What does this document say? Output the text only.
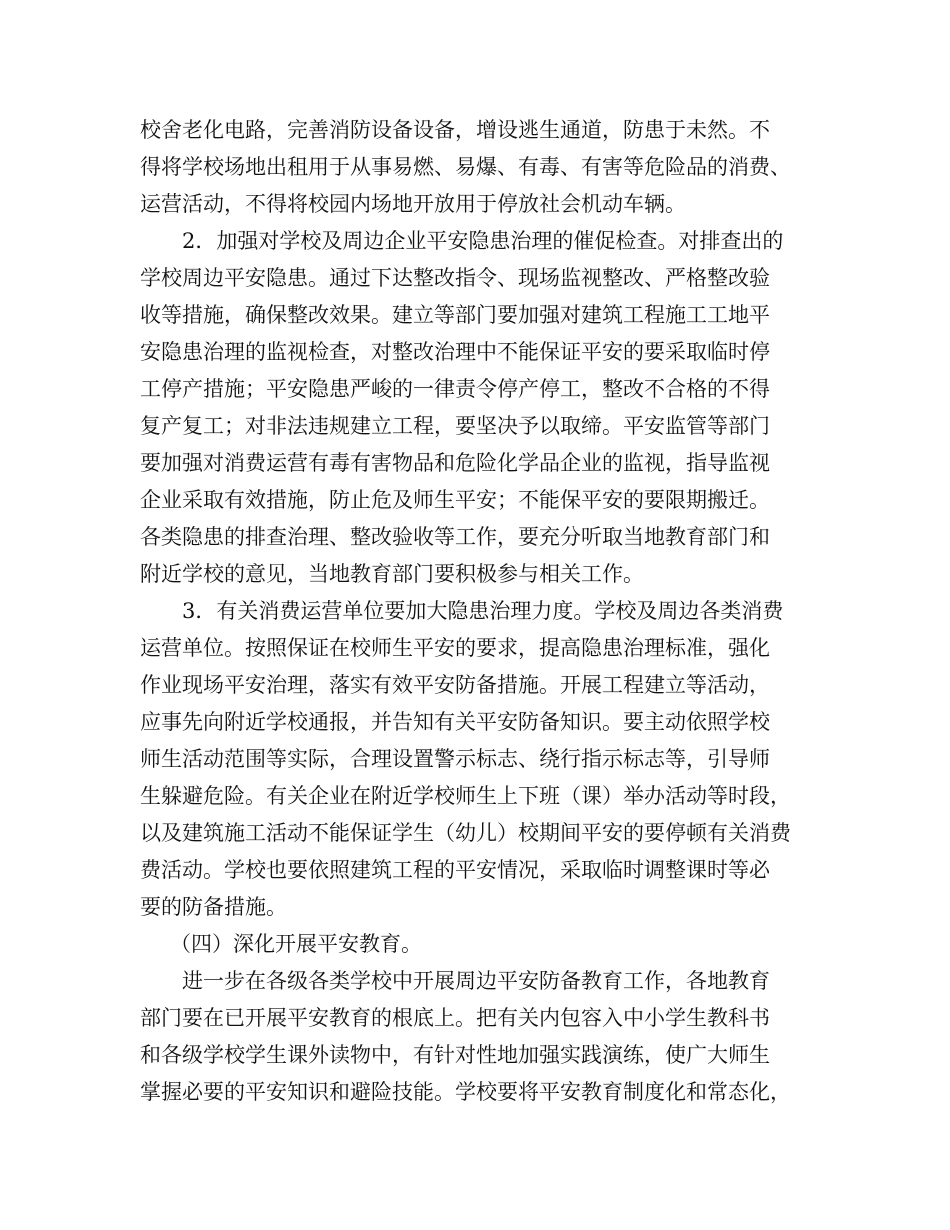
校舍老化电路，完善消防设备设备，增设逃生通道，防患于未然。不
得将学校场地出租用于从事易燃、易爆、有毒、有害等危险品的消费、
运营活动，不得将校园内场地开放用于停放社会机动车辆。
2．加强对学校及周边企业平安隐患治理的催促检查。对排查出的
学校周边平安隐患。通过下达整改指令、现场监视整改、严格整改验
收等措施，确保整改效果。建立等部门要加强对建筑工程施工工地平
安隐患治理的监视检查，对整改治理中不能保证平安的要采取临时停
工停产措施；平安隐患严峻的一律责令停产停工，整改不合格的不得
复产复工；对非法违规建立工程，要坚决予以取缔。平安监管等部门
要加强对消费运营有毒有害物品和危险化学品企业的监视，指导监视
企业采取有效措施，防止危及师生平安；不能保平安的要限期搬迁。
各类隐患的排查治理、整改验收等工作，要充分听取当地教育部门和
附近学校的意见，当地教育部门要积极参与相关工作。
3．有关消费运营单位要加大隐患治理力度。学校及周边各类消费
运营单位。按照保证在校师生平安的要求，提高隐患治理标准，强化
作业现场平安治理，落实有效平安防备措施。开展工程建立等活动，
应事先向附近学校通报，并告知有关平安防备知识。要主动依照学校
师生活动范围等实际，合理设置警示标志、绕行指示标志等，引导师
生躲避危险。有关企业在附近学校师生上下班（课）举办活动等时段，
以及建筑施工活动不能保证学生（幼儿）校期间平安的要停顿有关消费
费活动。学校也要依照建筑工程的平安情况，采取临时调整课时等必
要的防备措施。
（四）深化开展平安教育。
进一步在各级各类学校中开展周边平安防备教育工作，各地教育
部门要在已开展平安教育的根底上。把有关内包容入中小学生教科书
和各级学校学生课外读物中，有针对性地加强实践演练，使广大师生
掌握必要的平安知识和避险技能。学校要将平安教育制度化和常态化，
